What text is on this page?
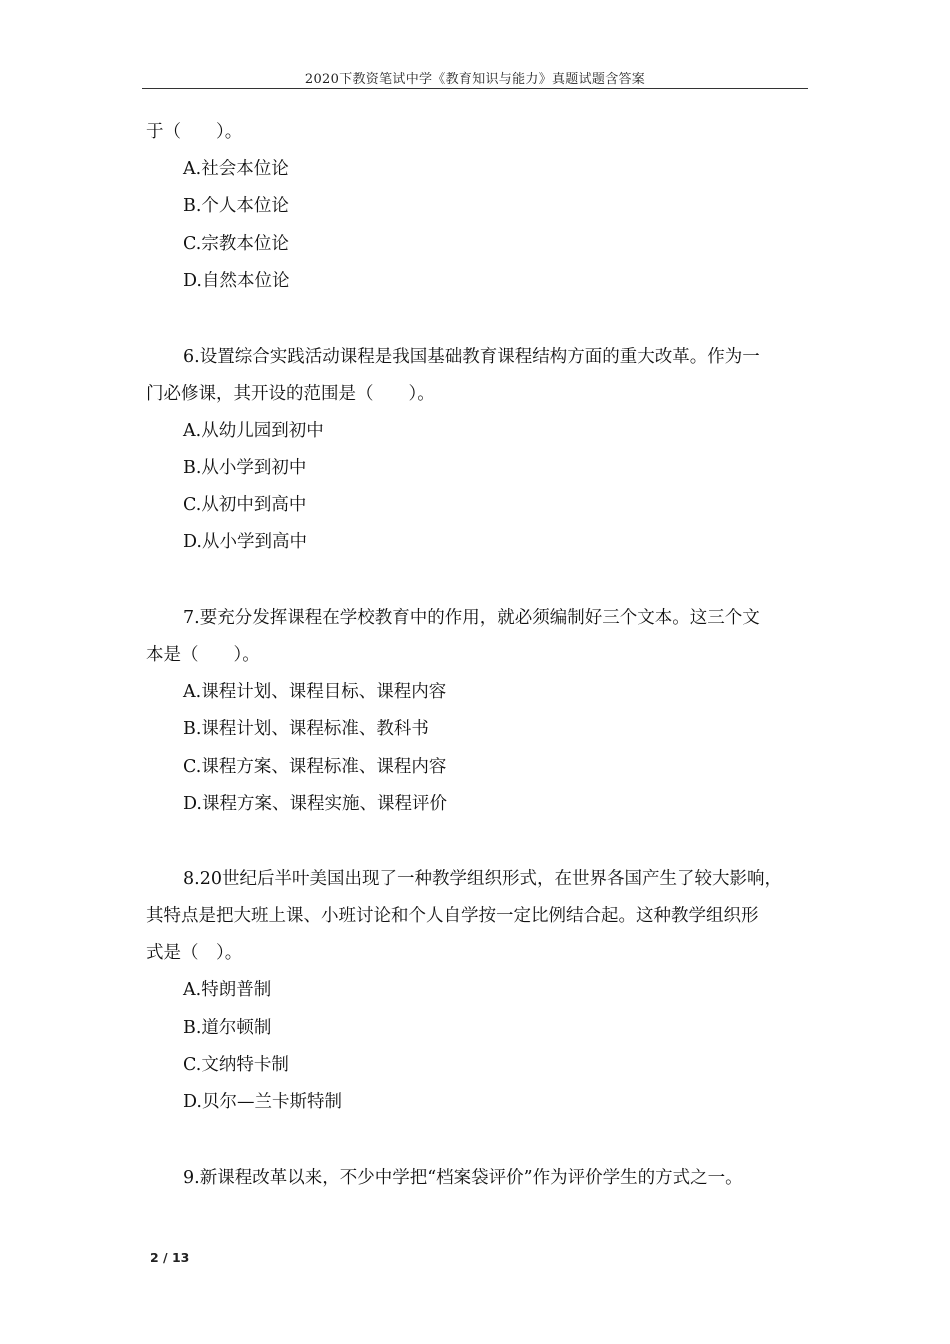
2020下教资笔试中学《教育知识与能力》真题试题含答案
于（　　）。
A.社会本位论
B.个人本位论
C.宗教本位论
D.自然本位论
6.设置综合实践活动课程是我国基础教育课程结构方面的重大改革。作为一
门必修课，其开设的范围是（　　）。
A.从幼儿园到初中
B.从小学到初中
C.从初中到高中
D.从小学到高中
7.要充分发挥课程在学校教育中的作用，就必须编制好三个文本。这三个文
本是（　　）。
A.课程计划、课程目标、课程内容
B.课程计划、课程标准、教科书
C.课程方案、课程标准、课程内容
D.课程方案、课程实施、课程评价
8.20世纪后半叶美国出现了一种教学组织形式，在世界各国产生了较大影响，
其特点是把大班上课、小班讨论和个人自学按一定比例结合起。这种教学组织形
式是（　）。
A.特朗普制
B.道尔顿制
C.文纳特卡制
D.贝尔—兰卡斯特制
9.新课程改革以来，不少中学把“档案袋评价”作为评价学生的方式之一。
2 / 13
